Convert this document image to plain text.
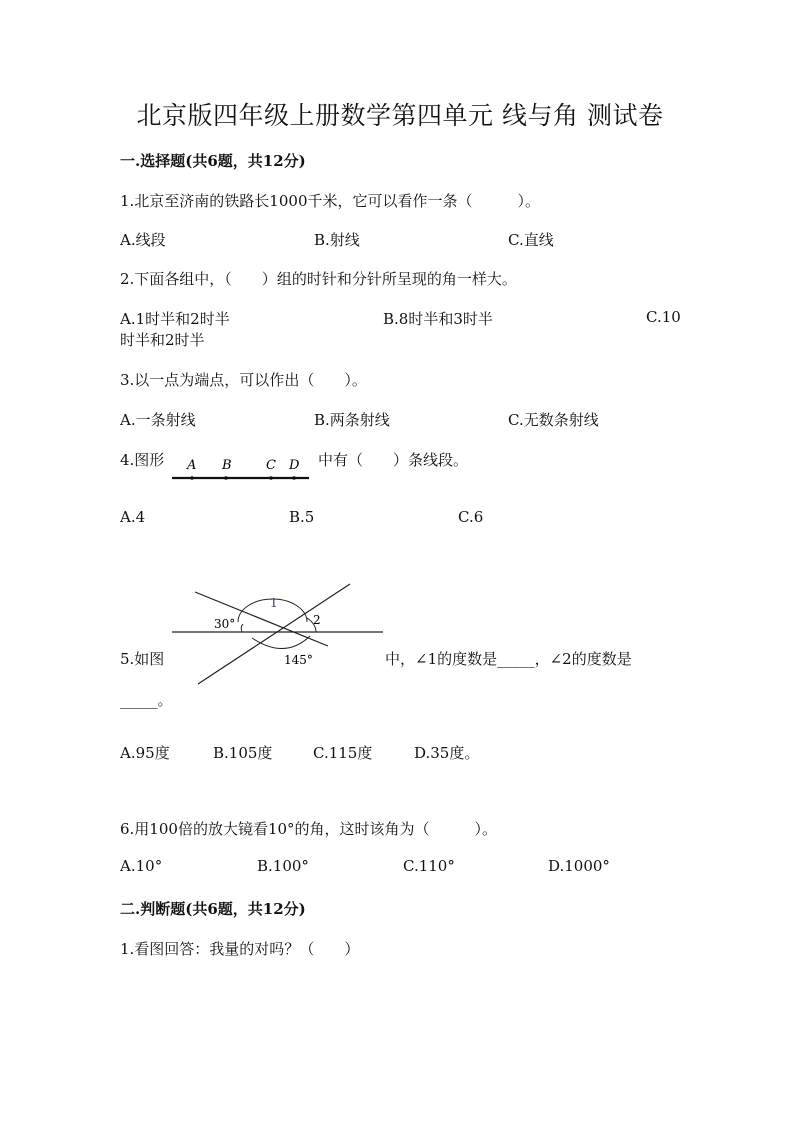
北京版四年级上册数学第四单元 线与角 测试卷
一.选择题(共6题，共12分)
1.北京至济南的铁路长1000千米，它可以看作一条（　　　）。
A.线段	B.射线	C.直线
2.下面各组中，（　　）组的时针和分针所呈现的角一样大。
A.1时半和2时半	B.8时半和3时半	C.10
时半和2时半
3.以一点为端点，可以作出（　　）。
A.一条射线	B.两条射线	C.无数条射线
4.图形 A B	C D 中有（　　）条线段。
A.4	B.5	C.6
30°
1
2
145°
5.如图	中，∠1的度数是_____，∠2的度数是
_____。
A.95度	B.105度	C.115度	D.35度。
6.用100倍的放大镜看10°的角，这时该角为（　　　）。
A.10°	B.100°	C.110°	D.1000°
二.判断题(共6题，共12分)
1.看图回答：我量的对吗？（　　）
